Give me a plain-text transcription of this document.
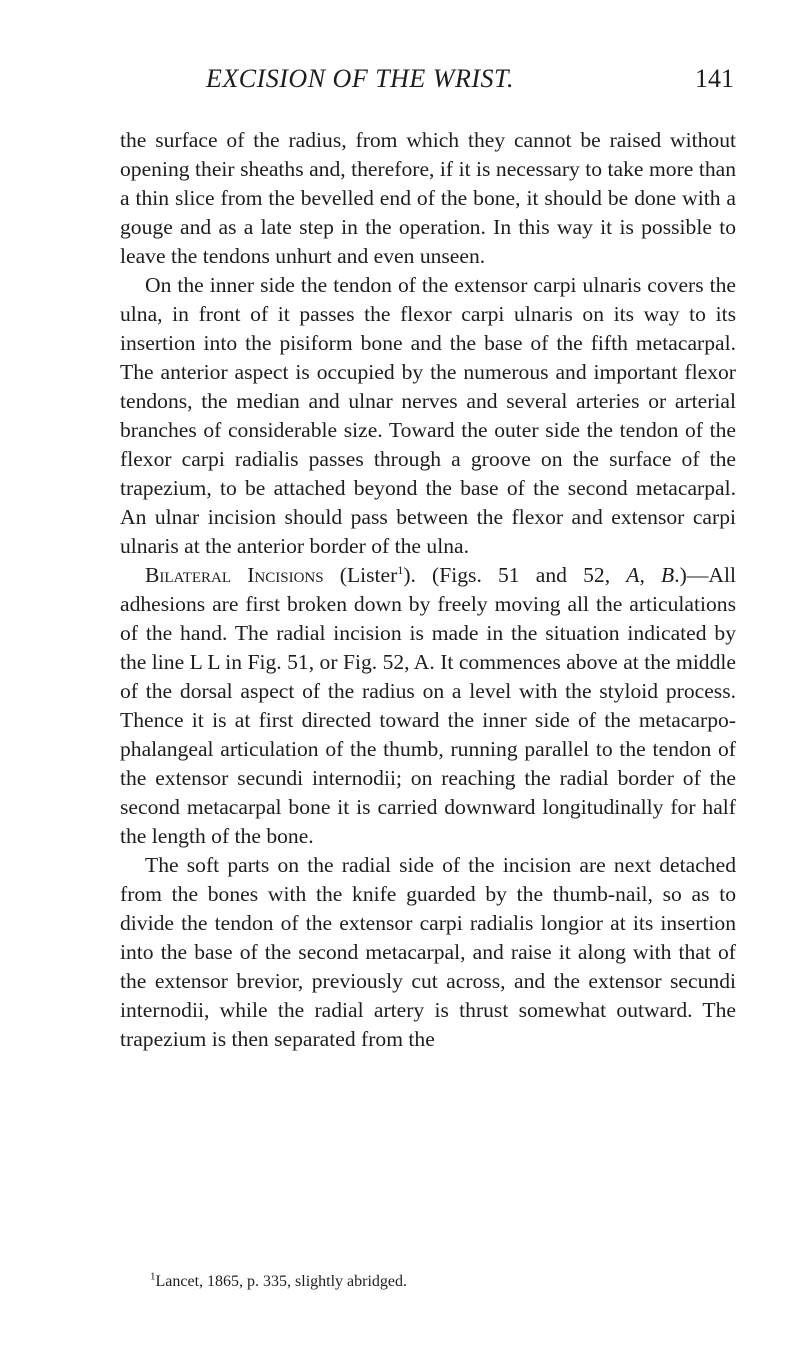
EXCISION OF THE WRIST.	141

the surface of the radius, from which they cannot be raised without opening their sheaths and, therefore, if it is necessary to take more than a thin slice from the bevelled end of the bone, it should be done with a gouge and as a late step in the operation. In this way it is possible to leave the tendons unhurt and even unseen.

On the inner side the tendon of the extensor carpi ulnaris covers the ulna, in front of it passes the flexor carpi ulnaris on its way to its insertion into the pisiform bone and the base of the fifth metacarpal. The anterior aspect is occupied by the numerous and important flexor tendons, the median and ulnar nerves and several arteries or arterial branches of considerable size. Toward the outer side the tendon of the flexor carpi radialis passes through a groove on the surface of the trapezium, to be attached beyond the base of the second metacarpal. An ulnar incision should pass between the flexor and extensor carpi ulnaris at the anterior border of the ulna.

Bilateral Incisions (Lister$^1$). (Figs. 51 and 52, A, B.)—All adhesions are first broken down by freely moving all the articulations of the hand. The radial incision is made in the situation indicated by the line L L in Fig. 51, or Fig. 52, A. It commences above at the middle of the dorsal aspect of the radius on a level with the styloid process. Thence it is at first directed toward the inner side of the metacarpo-phalangeal articulation of the thumb, running parallel to the tendon of the extensor secundi internodii; on reaching the radial border of the second metacarpal bone it is carried downward longitudinally for half the length of the bone.

The soft parts on the radial side of the incision are next detached from the bones with the knife guarded by the thumb-nail, so as to divide the tendon of the extensor carpi radialis longior at its insertion into the base of the second metacarpal, and raise it along with that of the extensor brevior, previously cut across, and the extensor secundi internodii, while the radial artery is thrust somewhat outward. The trapezium is then separated from the

$^1$Lancet, 1865, p. 335, slightly abridged.
